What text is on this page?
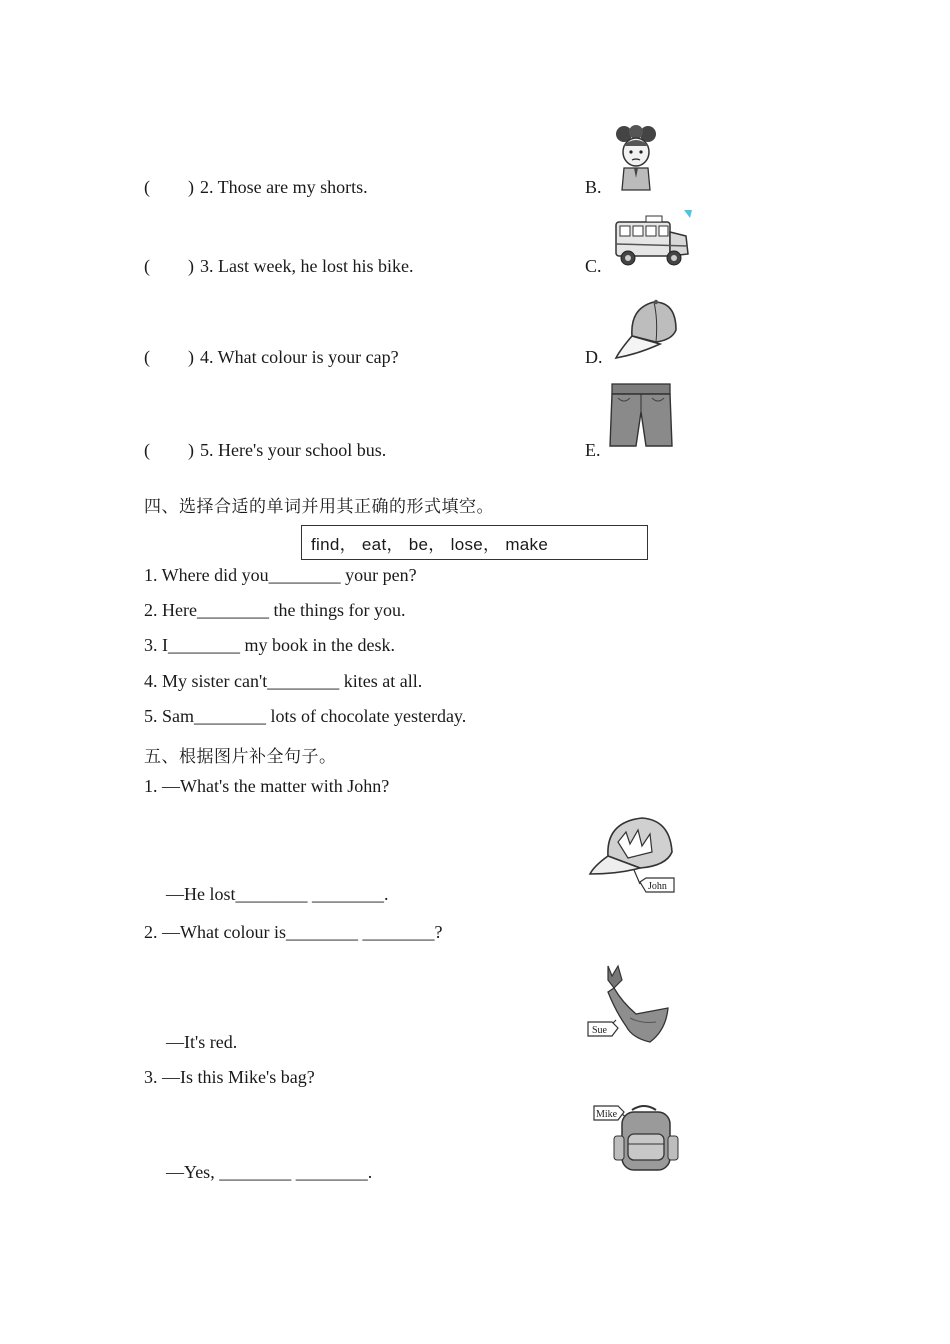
( ) 2. Those are my shorts.	B.
( ) 3. Last week, he lost his bike.	C.
( ) 4. What colour is your cap?	D.
( ) 5. Here's your school bus.	E.
四、选择合适的单词并用其正确的形式填空。
find， eat， be， lose， make
1. Where did you________ your pen?
2. Here________ the things for you.
3. I________ my book in the desk.
4. My sister can't________ kites at all.
5. Sam________ lots of chocolate yesterday.
五、根据图片补全句子。
1. —What's the matter with John?
—He lost________ ________.
2. —What colour is________ ________?
—It's red.
3. —Is this Mike's bag?
—Yes, ________ ________.
John
Sue
Mike
